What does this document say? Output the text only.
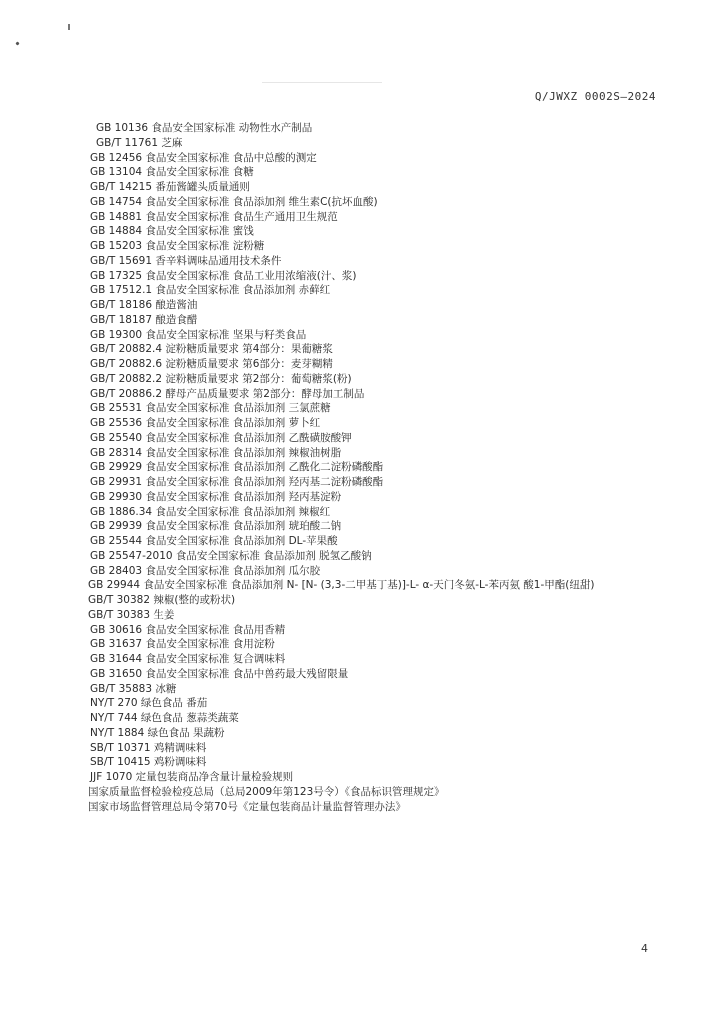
Q/JWXZ 0002S—2024
GB 10136 食品安全国家标准 动物性水产制品
GB/T 11761 芝麻
GB 12456 食品安全国家标准 食品中总酸的测定
GB 13104 食品安全国家标准 食糖
GB/T 14215 番茄酱罐头质量通则
GB 14754 食品安全国家标准 食品添加剂 维生素C(抗坏血酸)
GB 14881 食品安全国家标准 食品生产通用卫生规范
GB 14884 食品安全国家标准 蜜饯
GB 15203 食品安全国家标准 淀粉糖
GB/T 15691 香辛料调味品通用技术条件
GB 17325 食品安全国家标准 食品工业用浓缩液(汁、浆)
GB 17512.1 食品安全国家标准 食品添加剂 赤藓红
GB/T 18186 酿造酱油
GB/T 18187 酿造食醋
GB 19300 食品安全国家标准 坚果与籽类食品
GB/T 20882.4 淀粉糖质量要求 第4部分：果葡糖浆
GB/T 20882.6 淀粉糖质量要求 第6部分：麦芽糊精
GB/T 20882.2 淀粉糖质量要求 第2部分：葡萄糖浆(粉)
GB/T 20886.2 酵母产品质量要求 第2部分：酵母加工制品
GB 25531 食品安全国家标准 食品添加剂 三氯蔗糖
GB 25536 食品安全国家标准 食品添加剂 萝卜红
GB 25540 食品安全国家标准 食品添加剂 乙酰磺胺酸钾
GB 28314 食品安全国家标准 食品添加剂 辣椒油树脂
GB 29929 食品安全国家标准 食品添加剂 乙酰化二淀粉磷酸酯
GB 29931 食品安全国家标准 食品添加剂 羟丙基二淀粉磷酸酯
GB 29930 食品安全国家标准 食品添加剂 羟丙基淀粉
GB 1886.34 食品安全国家标准 食品添加剂 辣椒红
GB 29939 食品安全国家标准 食品添加剂 琥珀酸二钠
GB 25544 食品安全国家标准 食品添加剂 DL-苹果酸
GB 25547-2010 食品安全国家标准 食品添加剂 脱氢乙酸钠
GB 28403 食品安全国家标准 食品添加剂 瓜尔胶
GB 29944 食品安全国家标准 食品添加剂 N- [N- (3,3-二甲基丁基)]-L- α-天门冬氨-L-苯丙氨 酸1-甲酯(纽甜)
GB/T 30382 辣椒(整的或粉状)
GB/T 30383 生姜
GB 30616 食品安全国家标准 食品用香精
GB 31637 食品安全国家标准 食用淀粉
GB 31644 食品安全国家标准 复合调味料
GB 31650 食品安全国家标准 食品中兽药最大残留限量
GB/T 35883 冰糖
NY/T 270 绿色食品 番茄
NY/T 744 绿色食品 葱蒜类蔬菜
NY/T 1884 绿色食品 果蔬粉
SB/T 10371 鸡精调味料
SB/T 10415 鸡粉调味料
JJF 1070 定量包装商品净含量计量检验规则
国家质量监督检验检疫总局（总局2009年第123号令）《食品标识管理规定》
国家市场监督管理总局令第70号《定量包装商品计量监督管理办法》
4
